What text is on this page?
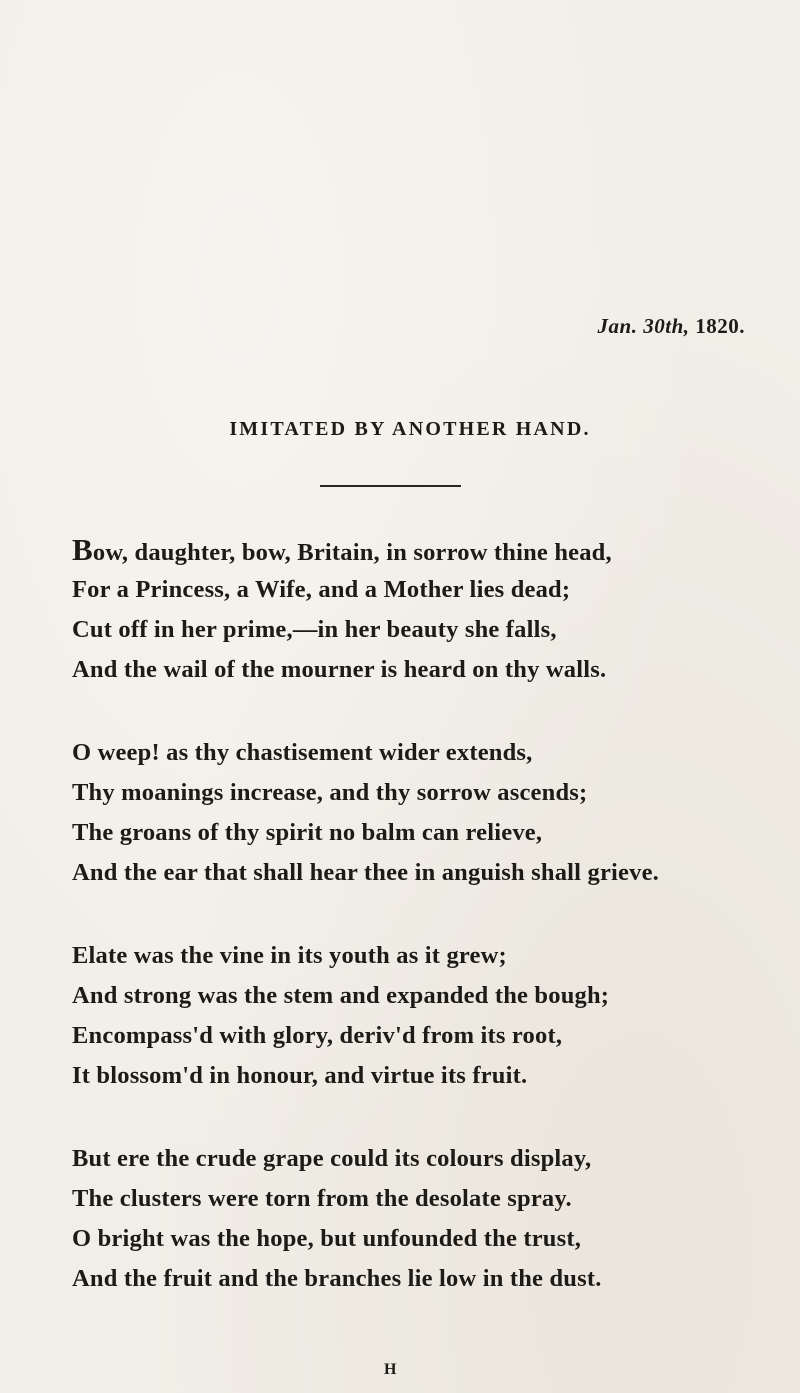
Jan. 30th, 1820.
IMITATED BY ANOTHER HAND.
Bow, daughter, bow, Britain, in sorrow thine head,
For a Princess, a Wife, and a Mother lies dead;
Cut off in her prime,—in her beauty she falls,
And the wail of the mourner is heard on thy walls.
O weep! as thy chastisement wider extends,
Thy moanings increase, and thy sorrow ascends;
The groans of thy spirit no balm can relieve,
And the ear that shall hear thee in anguish shall grieve.
Elate was the vine in its youth as it grew;
And strong was the stem and expanded the bough;
Encompass'd with glory, deriv'd from its root,
It blossom'd in honour, and virtue its fruit.
But ere the crude grape could its colours display,
The clusters were torn from the desolate spray.
O bright was the hope, but unfounded the trust,
And the fruit and the branches lie low in the dust.
H
